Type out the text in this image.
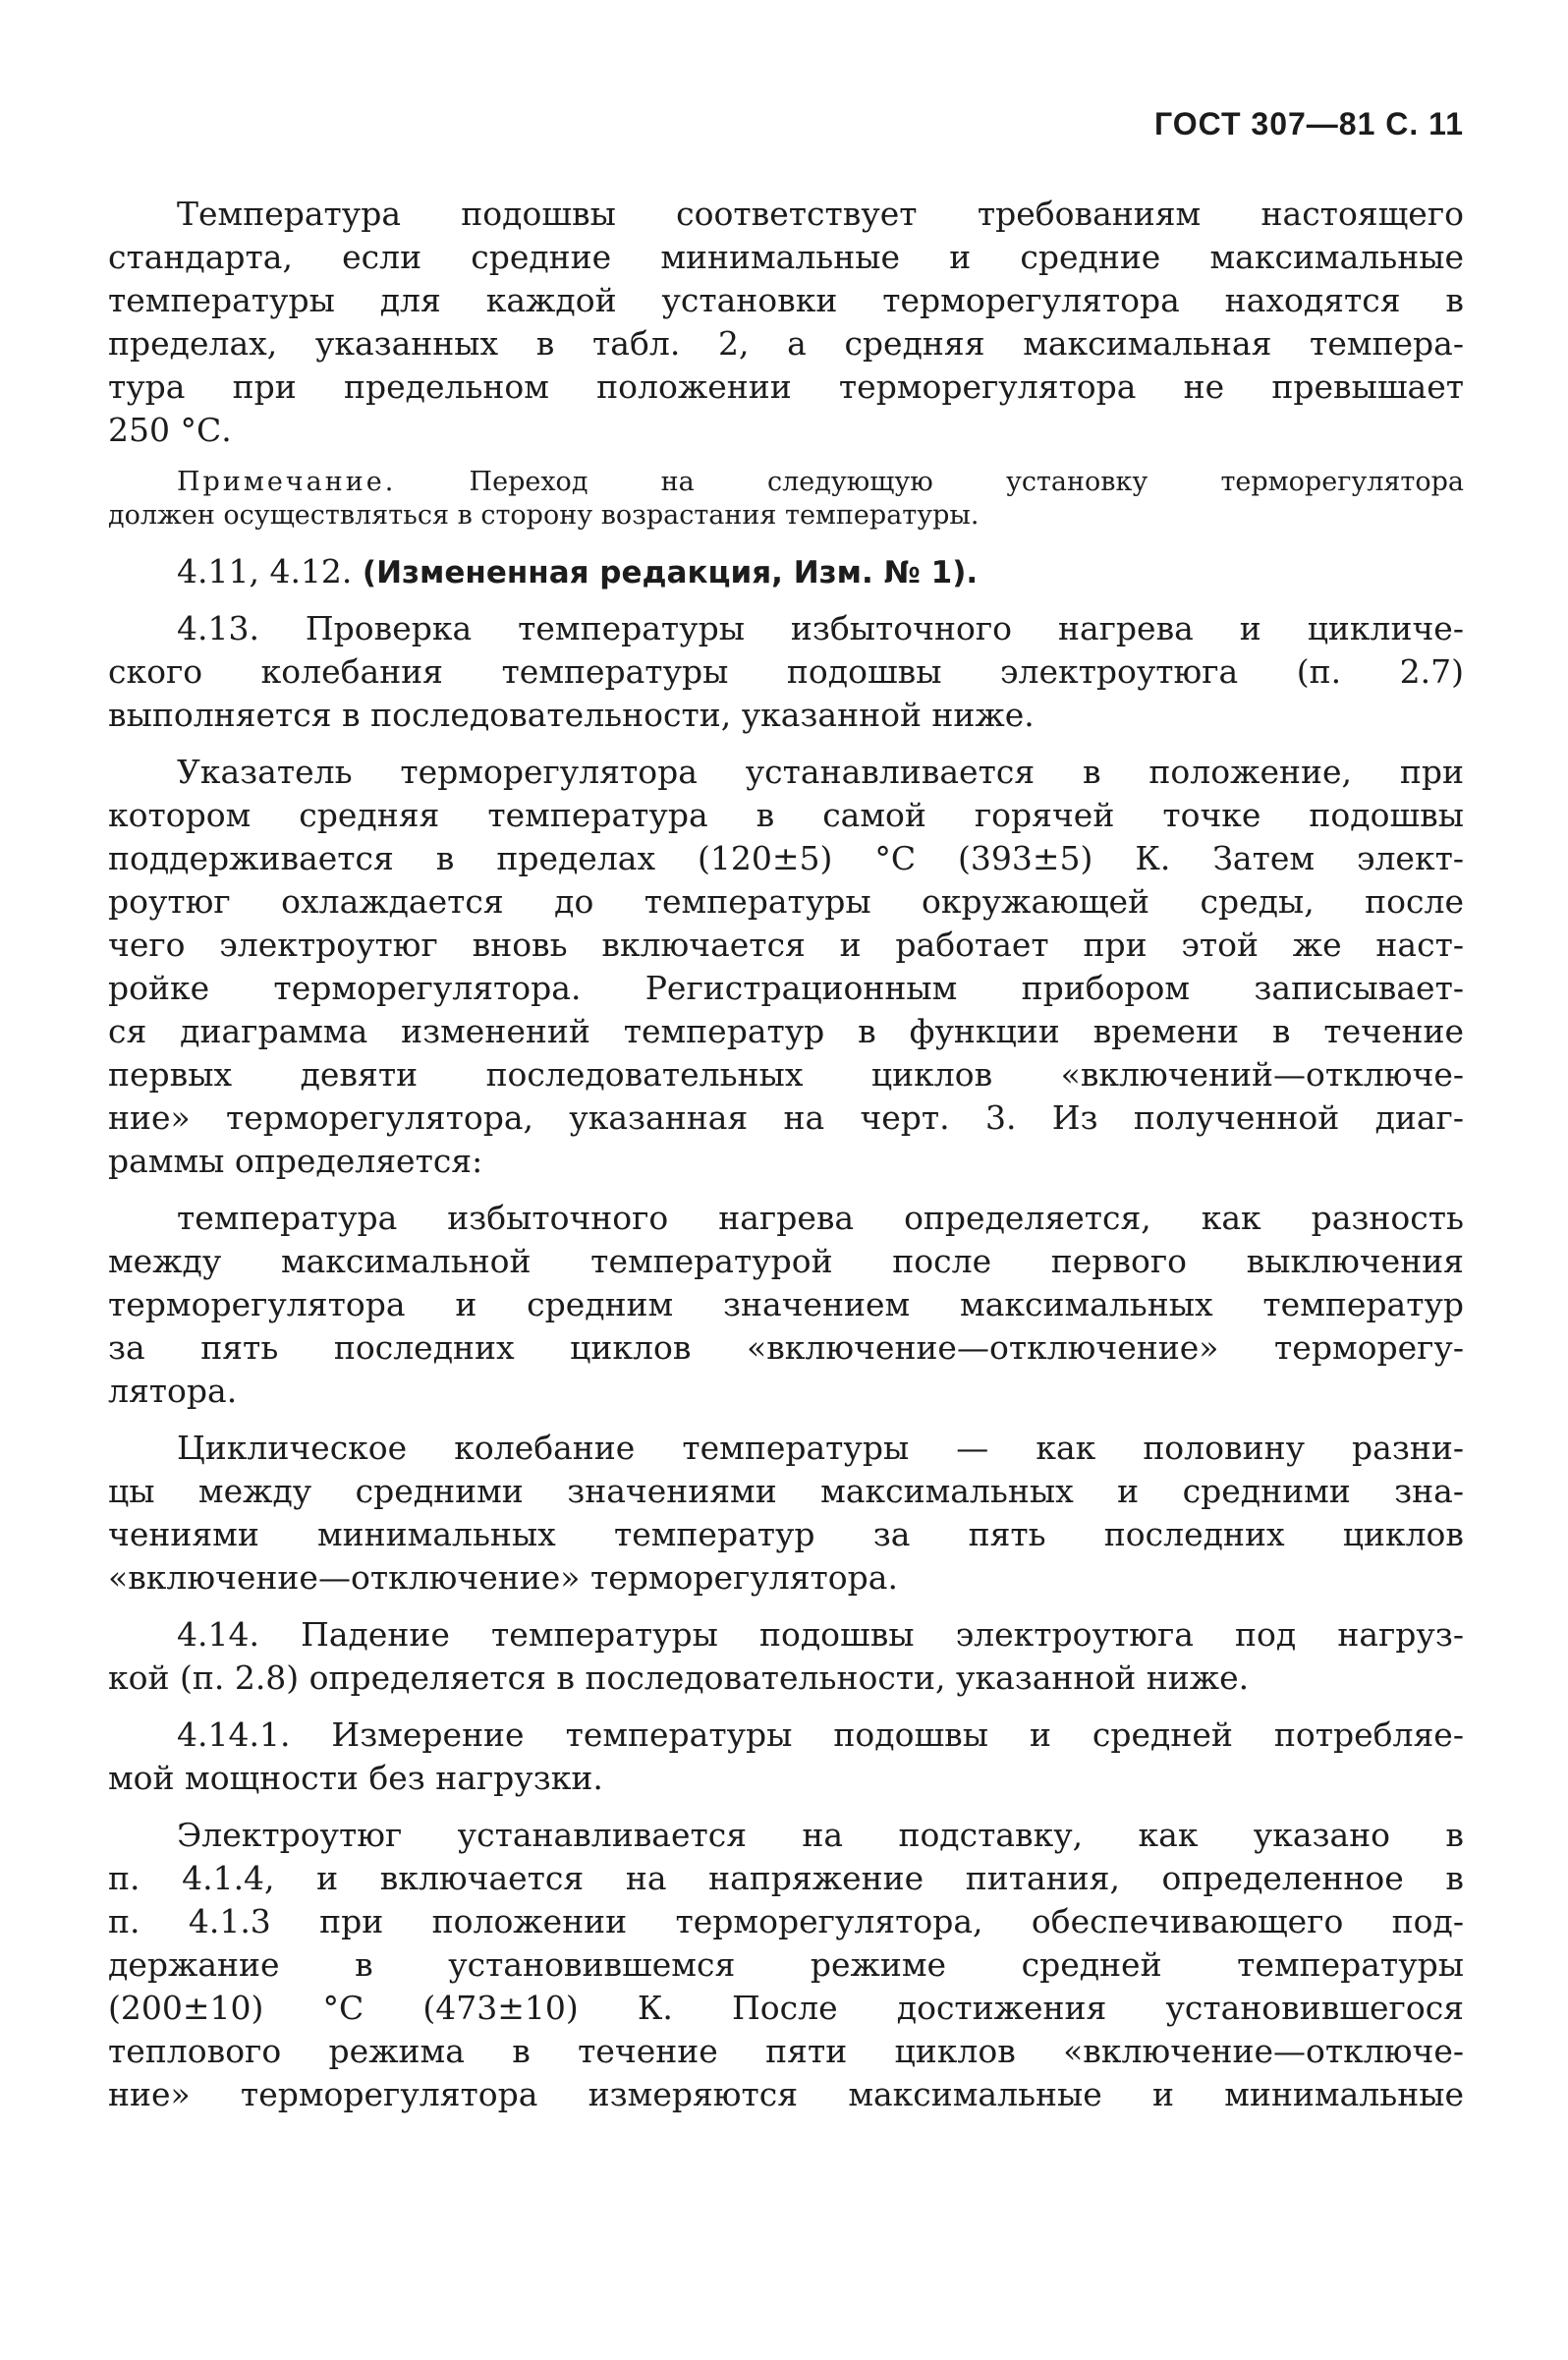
ГОСТ 307—81 С. 11
Температура подошвы соответствует требованиям настоящего
стандарта, если средние минимальные и средние максимальные
температуры для каждой установки терморегулятора находятся в
пределах, указанных в табл. 2, а средняя максимальная темпера-
тура при предельном положении терморегулятора не превышает
250 °С.
Примечание. Переход на следующую установку терморегулятора
должен осуществляться в сторону возрастания температуры.
4.11, 4.12. (Измененная редакция, Изм. № 1).
4.13. Проверка температуры избыточного нагрева и цикличе-
ского колебания температуры подошвы электроутюга (п. 2.7)
выполняется в последовательности, указанной ниже.
Указатель терморегулятора устанавливается в положение, при
котором средняя температура в самой горячей точке подошвы
поддерживается в пределах (120±5) °С (393±5) К. Затем элект-
роутюг охлаждается до температуры окружающей среды, после
чего электроутюг вновь включается и работает при этой же наст-
ройке терморегулятора. Регистрационным прибором записывает-
ся диаграмма изменений температур в функции времени в течение
первых девяти последовательных циклов «включений—отключе-
ние» терморегулятора, указанная на черт. 3. Из полученной диаг-
раммы определяется:
температура избыточного нагрева определяется, как разность
между максимальной температурой после первого выключения
терморегулятора и средним значением максимальных температур
за пять последних циклов «включение—отключение» терморегу-
лятора.
Циклическое колебание температуры — как половину разни-
цы между средними значениями максимальных и средними зна-
чениями минимальных температур за пять последних циклов
«включение—отключение» терморегулятора.
4.14. Падение температуры подошвы электроутюга под нагруз-
кой (п. 2.8) определяется в последовательности, указанной ниже.
4.14.1. Измерение температуры подошвы и средней потребляе-
мой мощности без нагрузки.
Электроутюг устанавливается на подставку, как указано в
п. 4.1.4, и включается на напряжение питания, определенное в
п. 4.1.3 при положении терморегулятора, обеспечивающего под-
держание в установившемся режиме средней температуры
(200±10) °С (473±10) К. После достижения установившегося
теплового режима в течение пяти циклов «включение—отключе-
ние» терморегулятора измеряются максимальные и минимальные
